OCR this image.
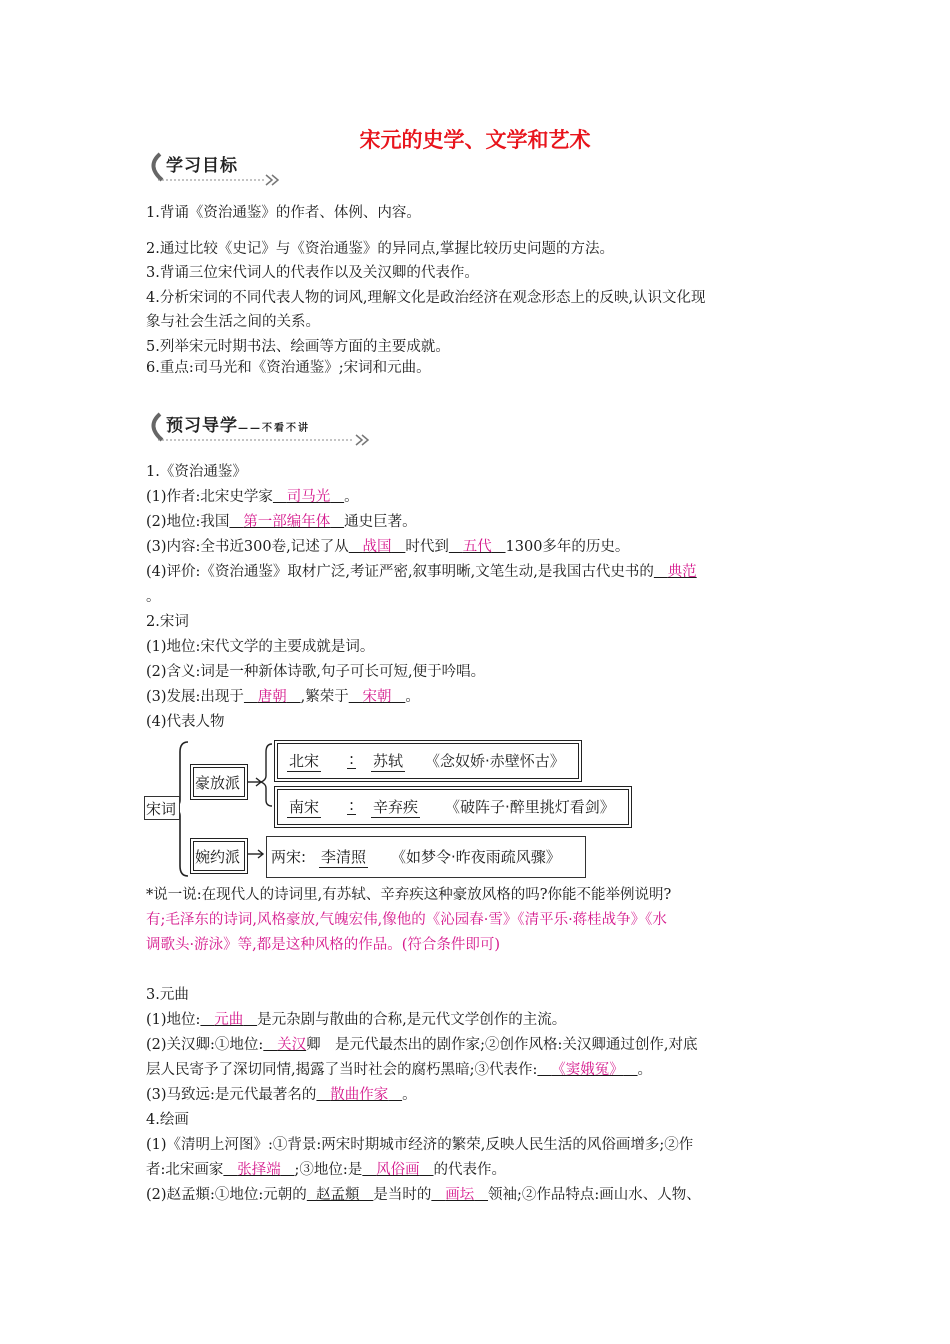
宋元的史学、文学和艺术
学习目标
1.背诵《资治通鉴》的作者、体例、内容。
2.通过比较《史记》与《资治通鉴》的异同点,掌握比较历史问题的方法。
3.背诵三位宋代词人的代表作以及关汉卿的代表作。
4.分析宋词的不同代表人物的词风,理解文化是政治经济在观念形态上的反映,认识文化现
象与社会生活之间的关系。
5.列举宋元时期书法、绘画等方面的主要成就。
6.重点:司马光和《资治通鉴》;宋词和元曲。
预习导学——不看不讲
1.《资治通鉴》
(1)作者:北宋史学家 司马光 。
(2)地位:我国 第一部编年体 通史巨著。
(3)内容:全书近300卷,记述了从 战国 时代到 五代 1300多年的历史。
(4)评价:《资治通鉴》取材广泛,考证严密,叙事明晰,文笔生动,是我国古代史书的 典范
。
2.宋词
(1)地位:宋代文学的主要成就是词。
(2)含义:词是一种新体诗歌,句子可长可短,便于吟唱。
(3)发展:出现于 唐朝 ,繁荣于 宋朝 。
(4)代表人物
宋词
豪放派
婉约派
北宋 : 苏轼 《念奴娇·赤壁怀古》
南宋 : 辛弃疾 《破阵子·醉里挑灯看剑》
两宋: 李清照 《如梦令·昨夜雨疏风骤》
*说一说:在现代人的诗词里,有苏轼、辛弃疾这种豪放风格的吗?你能不能举例说明?
有;毛泽东的诗词,风格豪放,气魄宏伟,像他的《沁园春·雪》《清平乐·蒋桂战争》《水
调歌头·游泳》等,都是这种风格的作品。(符合条件即可)
3.元曲
(1)地位: 元曲 是元杂剧与散曲的合称,是元代文学创作的主流。
(2)关汉卿:①地位: 关汉卿　是元代最杰出的剧作家;②创作风格:关汉卿通过创作,对底
层人民寄予了深切同情,揭露了当时社会的腐朽黑暗;③代表作: 《窦娥冤》 。
(3)马致远:是元代最著名的 散曲作家 。
4.绘画
(1)《清明上河图》:①背景:两宋时期城市经济的繁荣,反映人民生活的风俗画增多;②作
者:北宋画家 张择端 ;③地位:是 风俗画 的代表作。
(2)赵孟頫:①地位:元朝的 赵孟頫 是当时的 画坛 领袖;②作品特点:画山水、人物、
